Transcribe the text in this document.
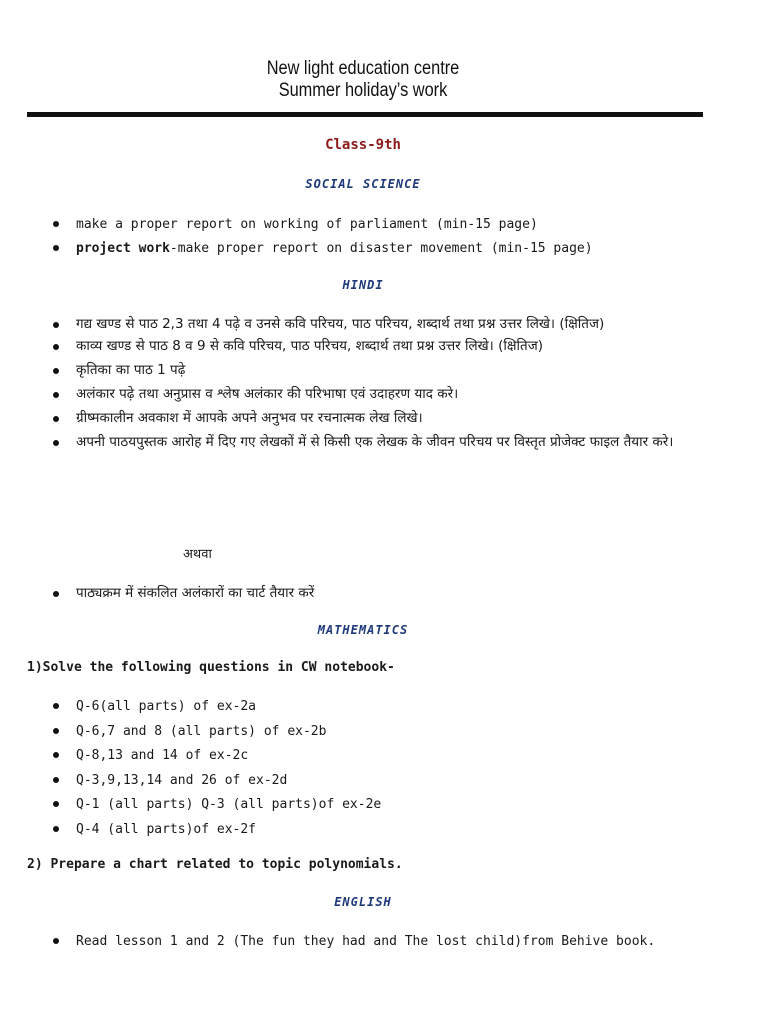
New light education centre
Summer holiday’s work
Class-9th
SOCIAL SCIENCE
make a proper report on working of parliament (min-15 page)
project work-make proper report on disaster movement (min-15 page)
HINDI
गद्य खण्ड से पाठ 2,3 तथा 4 पढ़े व उनसे कवि परिचय, पाठ परिचय, शब्दार्थ तथा प्रश्न उत्तर लिखे। (क्षितिज)
काव्य खण्ड से पाठ 8 व 9 से कवि परिचय, पाठ परिचय, शब्दार्थ तथा प्रश्न उत्तर लिखे। (क्षितिज)
कृतिका का पाठ 1 पढ़े
अलंकार पढ़े तथा अनुप्रास व श्लेष अलंकार की परिभाषा एवं उदाहरण याद करे।
ग्रीष्मकालीन अवकाश में आपके अपने अनुभव पर रचनात्मक लेख लिखे।
अपनी पाठयपुस्तक आरोह में दिए गए लेखकों में से किसी एक लेखक के जीवन परिचय पर विस्तृत प्रोजेक्ट फाइल तैयार करे।
अथवा
पाठ्यक्रम में संकलित अलंकारों का चार्ट तैयार करें
MATHEMATICS
1)Solve the following questions in CW notebook-
Q-6(all parts) of ex-2a
Q-6,7 and 8 (all parts) of ex-2b
Q-8,13 and 14 of ex-2c
Q-3,9,13,14 and 26 of ex-2d
Q-1 (all parts) Q-3 (all parts)of ex-2e
Q-4 (all parts)of ex-2f
2) Prepare a chart related to topic polynomials.
ENGLISH
Read lesson 1 and 2 (The fun they had and The lost child)from Behive book.
